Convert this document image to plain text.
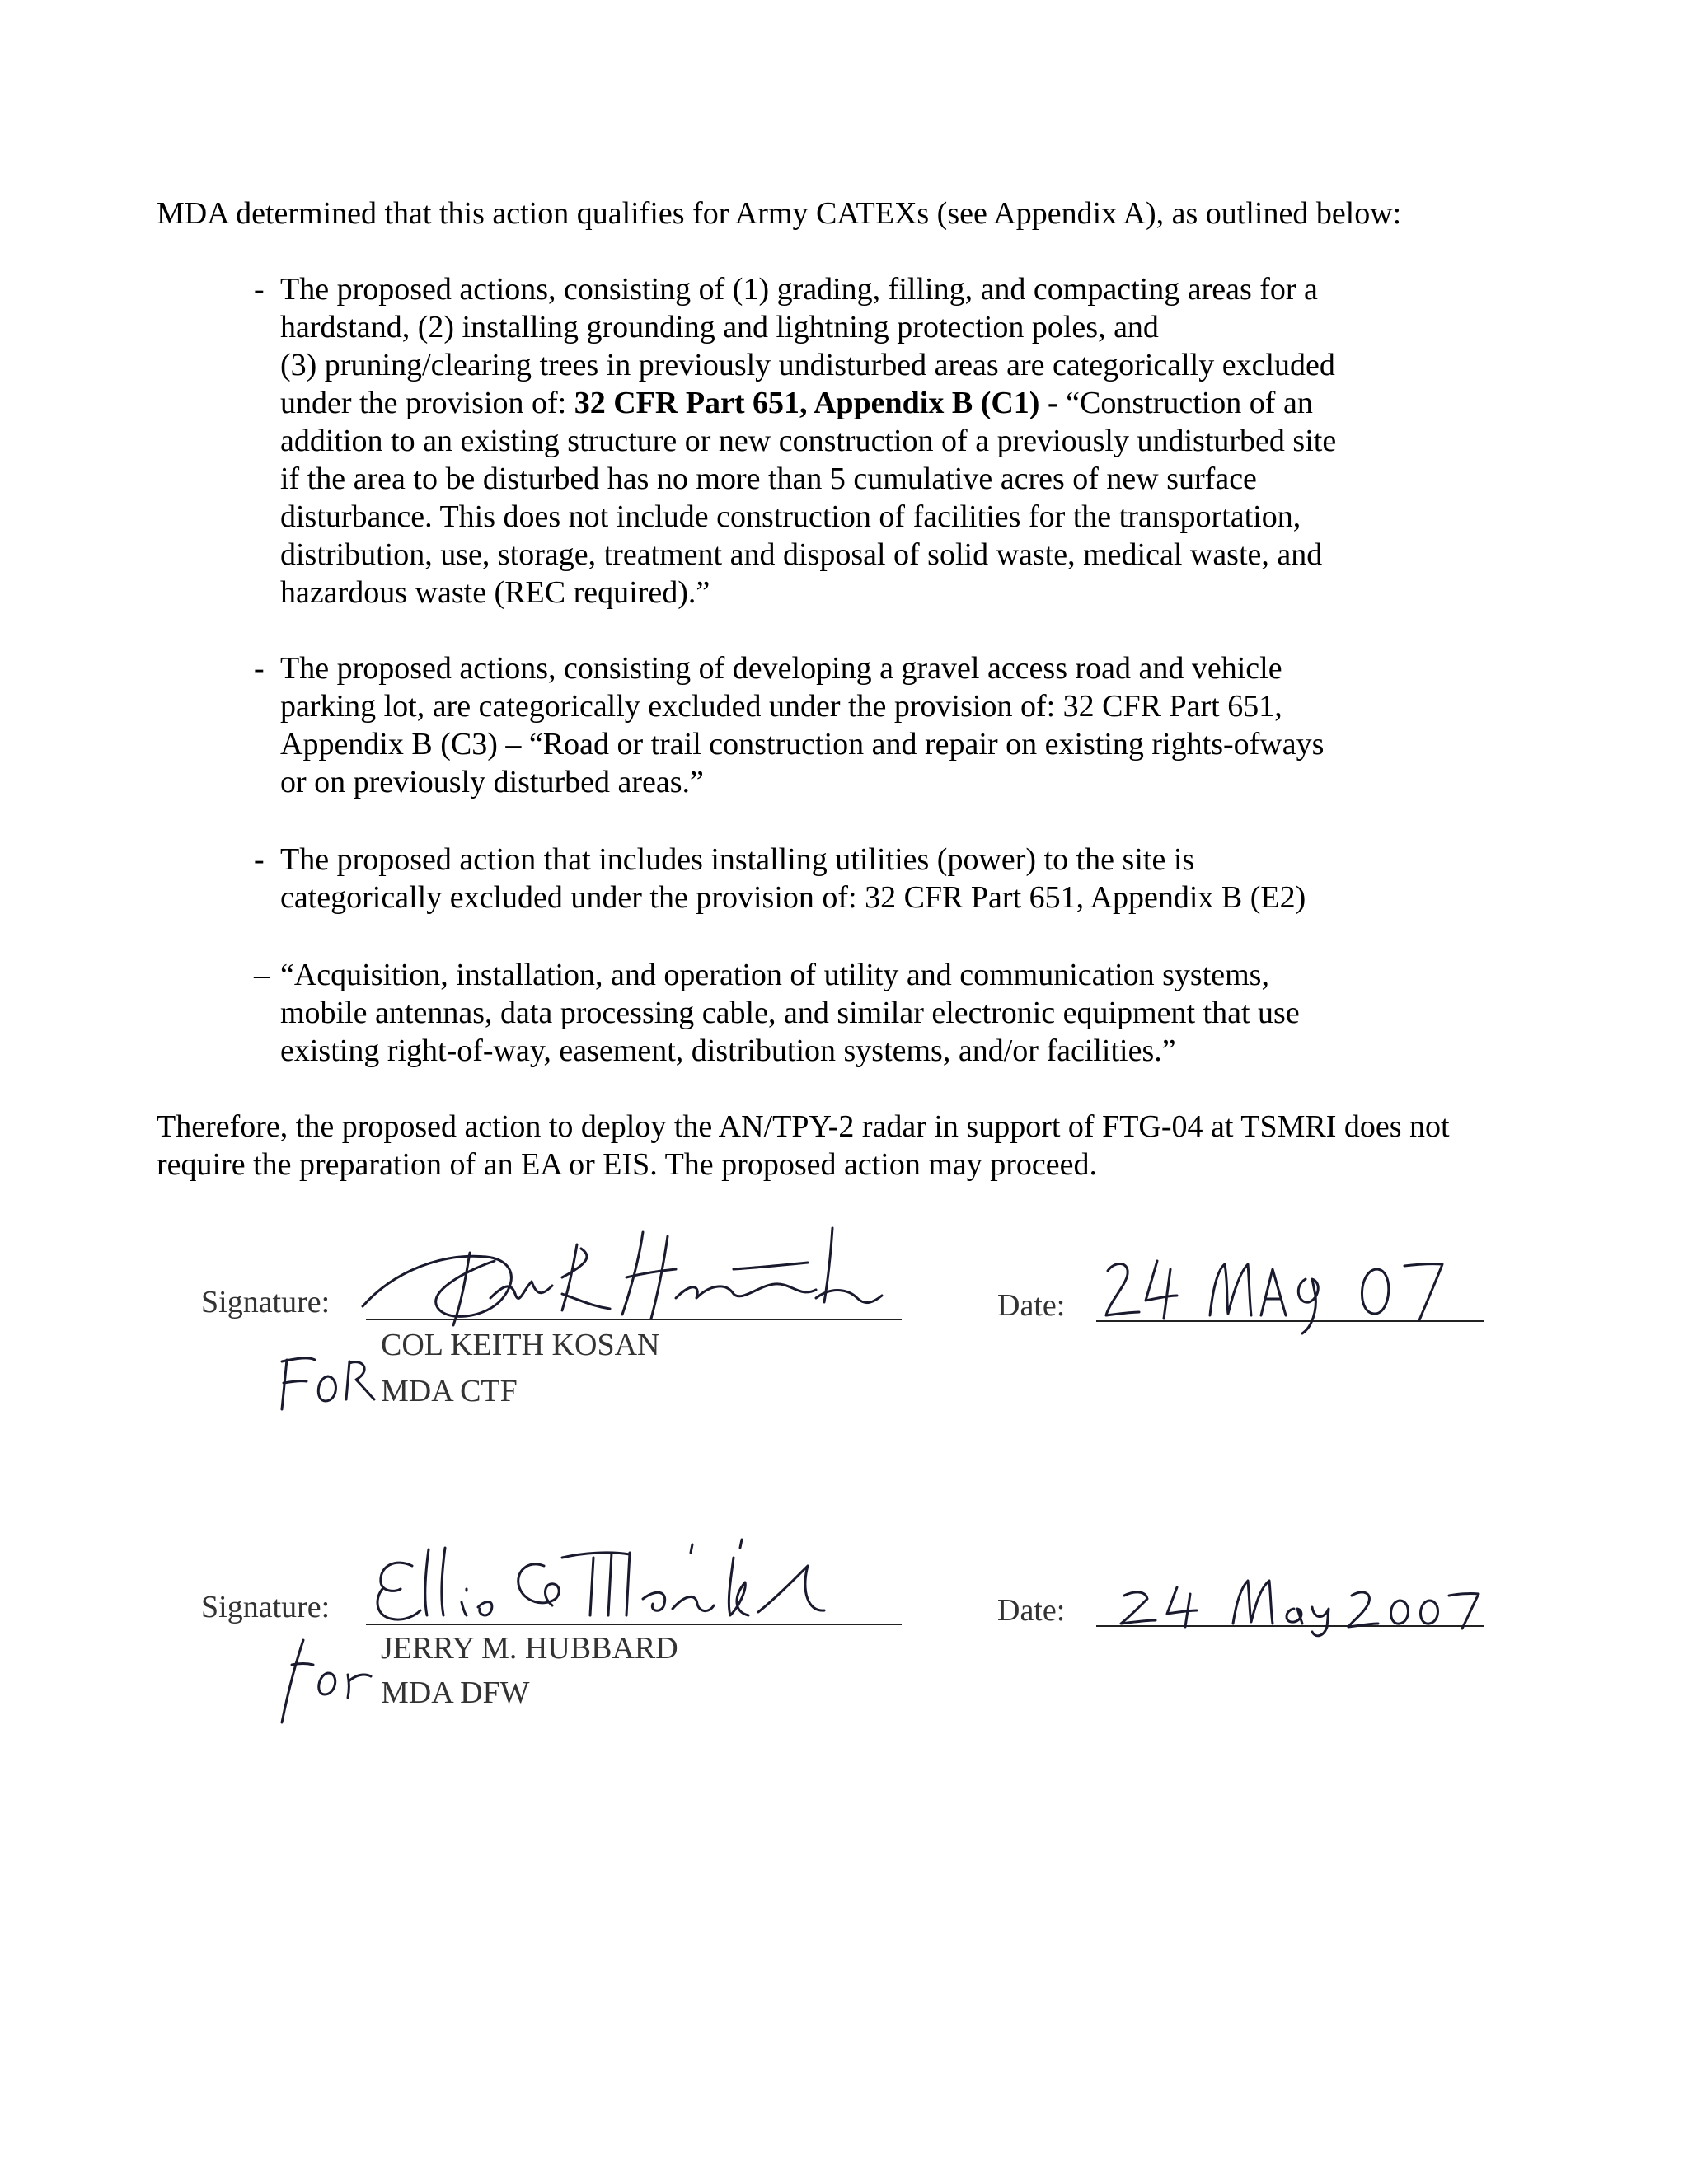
MDA determined that this action qualifies for Army CATEXs (see Appendix A), as outlined below:

- The proposed actions, consisting of (1) grading, filling, and compacting areas for a
hardstand, (2) installing grounding and lightning protection poles, and
(3) pruning/clearing trees in previously undisturbed areas are categorically excluded
under the provision of: 32 CFR Part 651, Appendix B (C1) - “Construction of an
addition to an existing structure or new construction of a previously undisturbed site
if the area to be disturbed has no more than 5 cumulative acres of new surface
disturbance. This does not include construction of facilities for the transportation,
distribution, use, storage, treatment and disposal of solid waste, medical waste, and
hazardous waste (REC required).”
- The proposed actions, consisting of developing a gravel access road and vehicle
parking lot, are categorically excluded under the provision of: 32 CFR Part 651,
Appendix B (C3) – “Road or trail construction and repair on existing rights-ofways
or on previously disturbed areas.”
- The proposed action that includes installing utilities (power) to the site is
categorically excluded under the provision of: 32 CFR Part 651, Appendix B (E2)
– “Acquisition, installation, and operation of utility and communication systems,
mobile antennas, data processing cable, and similar electronic equipment that use
existing right-of-way, easement, distribution systems, and/or facilities.”
Therefore, the proposed action to deploy the AN/TPY-2 radar in support of FTG-04 at TSMRI does not
require the preparation of an EA or EIS. The proposed action may proceed.
Signature:
COL KEITH KOSAN
MDA CTF
Date:
Signature:
JERRY M. HUBBARD
MDA DFW
Date:
